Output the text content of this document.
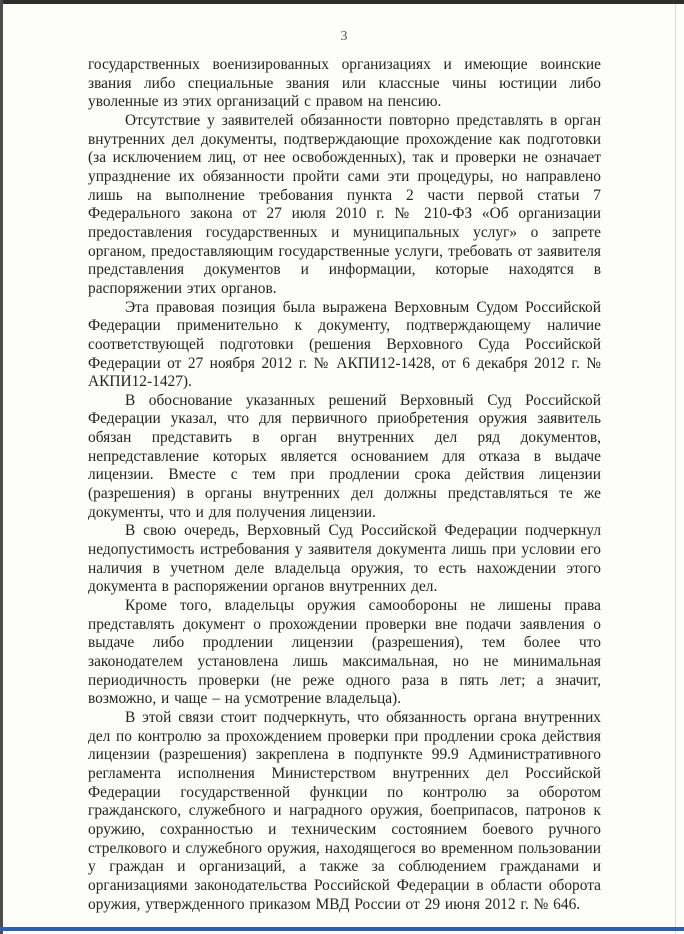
3

государственных военизированных организациях и имеющие воинские звания либо специальные звания или классные чины юстиции либо уволенные из этих организаций с правом на пенсию.

Отсутствие у заявителей обязанности повторно представлять в орган внутренних дел документы, подтверждающие прохождение как подготовки (за исключением лиц, от нее освобожденных), так и проверки не означает упразднение их обязанности пройти сами эти процедуры, но направлено лишь на выполнение требования пункта 2 части первой статьи 7 Федерального закона от 27 июля 2010 г. № 210-ФЗ «Об организации предоставления государственных и муниципальных услуг» о запрете органом, предоставляющим государственные услуги, требовать от заявителя представления документов и информации, которые находятся в распоряжении этих органов.

Эта правовая позиция была выражена Верховным Судом Российской Федерации применительно к документу, подтверждающему наличие соответствующей подготовки (решения Верховного Суда Российской Федерации от 27 ноября 2012 г. № АКПИ12-1428, от 6 декабря 2012 г. № АКПИ12-1427).

В обоснование указанных решений Верховный Суд Российской Федерации указал, что для первичного приобретения оружия заявитель обязан представить в орган внутренних дел ряд документов, непредставление которых является основанием для отказа в выдаче лицензии. Вместе с тем при продлении срока действия лицензии (разрешения) в органы внутренних дел должны представляться те же документы, что и для получения лицензии.

В свою очередь, Верховный Суд Российской Федерации подчеркнул недопустимость истребования у заявителя документа лишь при условии его наличия в учетном деле владельца оружия, то есть нахождении этого документа в распоряжении органов внутренних дел.

Кроме того, владельцы оружия самообороны не лишены права представлять документ о прохождении проверки вне подачи заявления о выдаче либо продлении лицензии (разрешения), тем более что законодателем установлена лишь максимальная, но не минимальная периодичность проверки (не реже одного раза в пять лет; а значит, возможно, и чаще – на усмотрение владельца).

В этой связи стоит подчеркнуть, что обязанность органа внутренних дел по контролю за прохождением проверки при продлении срока действия лицензии (разрешения) закреплена в подпункте 99.9 Административного регламента исполнения Министерством внутренних дел Российской Федерации государственной функции по контролю за оборотом гражданского, служебного и наградного оружия, боеприпасов, патронов к оружию, сохранностью и техническим состоянием боевого ручного стрелкового и служебного оружия, находящегося во временном пользовании у граждан и организаций, а также за соблюдением гражданами и организациями законодательства Российской Федерации в области оборота оружия, утвержденного приказом МВД России от 29 июня 2012 г. № 646.
